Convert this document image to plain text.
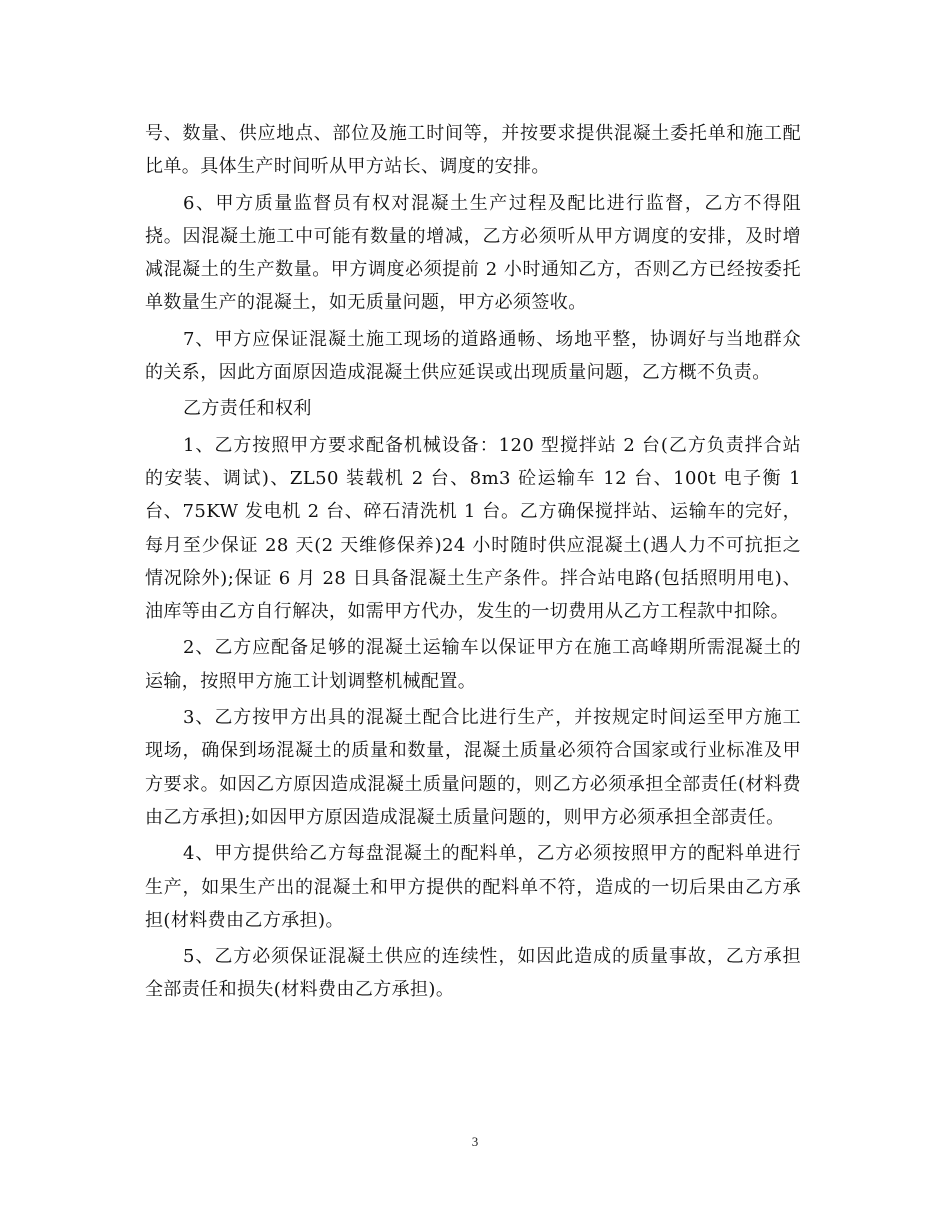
号、数量、供应地点、部位及施工时间等，并按要求提供混凝土委托单和施工配比单。具体生产时间听从甲方站长、调度的安排。

6、甲方质量监督员有权对混凝土生产过程及配比进行监督，乙方不得阻挠。因混凝土施工中可能有数量的增减，乙方必须听从甲方调度的安排，及时增减混凝土的生产数量。甲方调度必须提前 2 小时通知乙方，否则乙方已经按委托单数量生产的混凝土，如无质量问题，甲方必须签收。

7、甲方应保证混凝土施工现场的道路通畅、场地平整，协调好与当地群众的关系，因此方面原因造成混凝土供应延误或出现质量问题，乙方概不负责。

乙方责任和权利

1、乙方按照甲方要求配备机械设备：120 型搅拌站 2 台(乙方负责拌合站的安装、调试)、ZL50 装载机 2 台、8m3 砼运输车 12 台、100t 电子衡 1 台、75KW 发电机 2 台、碎石清洗机 1 台。乙方确保搅拌站、运输车的完好，每月至少保证 28 天(2 天维修保养)24 小时随时供应混凝土(遇人力不可抗拒之情况除外);保证 6 月 28 日具备混凝土生产条件。拌合站电路(包括照明用电)、油库等由乙方自行解决，如需甲方代办，发生的一切费用从乙方工程款中扣除。

2、乙方应配备足够的混凝土运输车以保证甲方在施工高峰期所需混凝土的运输，按照甲方施工计划调整机械配置。

3、乙方按甲方出具的混凝土配合比进行生产，并按规定时间运至甲方施工现场，确保到场混凝土的质量和数量，混凝土质量必须符合国家或行业标准及甲方要求。如因乙方原因造成混凝土质量问题的，则乙方必须承担全部责任(材料费由乙方承担);如因甲方原因造成混凝土质量问题的，则甲方必须承担全部责任。

4、甲方提供给乙方每盘混凝土的配料单，乙方必须按照甲方的配料单进行生产，如果生产出的混凝土和甲方提供的配料单不符，造成的一切后果由乙方承担(材料费由乙方承担)。

5、乙方必须保证混凝土供应的连续性，如因此造成的质量事故，乙方承担全部责任和损失(材料费由乙方承担)。

3
